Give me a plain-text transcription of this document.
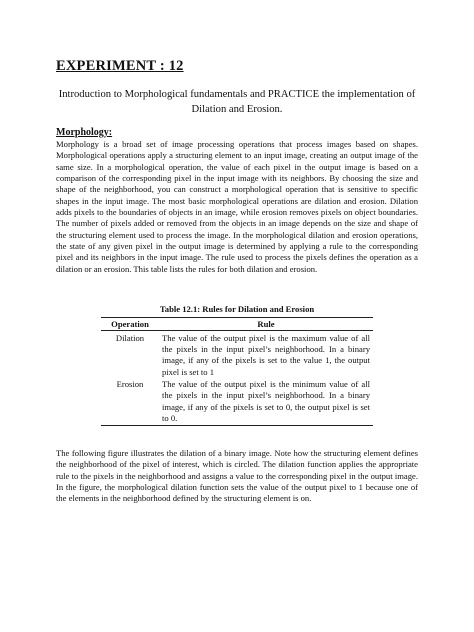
EXPERIMENT : 12
Introduction to Morphological fundamentals and PRACTICE the implementation of Dilation and Erosion.
Morphology:
Morphology is a broad set of image processing operations that process images based on shapes. Morphological operations apply a structuring element to an input image, creating an output image of the same size. In a morphological operation, the value of each pixel in the output image is based on a comparison of the corresponding pixel in the input image with its neighbors. By choosing the size and shape of the neighborhood, you can construct a morphological operation that is sensitive to specific shapes in the input image. The most basic morphological operations are dilation and erosion. Dilation adds pixels to the boundaries of objects in an image, while erosion removes pixels on object boundaries. The number of pixels added or removed from the objects in an image depends on the size and shape of the structuring element used to process the image. In the morphological dilation and erosion operations, the state of any given pixel in the output image is determined by applying a rule to the corresponding pixel and its neighbors in the input image. The rule used to process the pixels defines the operation as a dilation or an erosion. This table lists the rules for both dilation and erosion.
Table 12.1: Rules for Dilation and Erosion
Operation	Rule
Dilation	The value of the output pixel is the maximum value of all the pixels in the input pixel’s neighborhood. In a binary image, if any of the pixels is set to the value 1, the output pixel is set to 1
Erosion	The value of the output pixel is the minimum value of all the pixels in the input pixel’s neighborhood. In a binary image, if any of the pixels is set to 0, the output pixel is set to 0.
The following figure illustrates the dilation of a binary image. Note how the structuring element defines the neighborhood of the pixel of interest, which is circled. The dilation function applies the appropriate rule to the pixels in the neighborhood and assigns a value to the corresponding pixel in the output image. In the figure, the morphological dilation function sets the value of the output pixel to 1 because one of the elements in the neighborhood defined by the structuring element is on.
